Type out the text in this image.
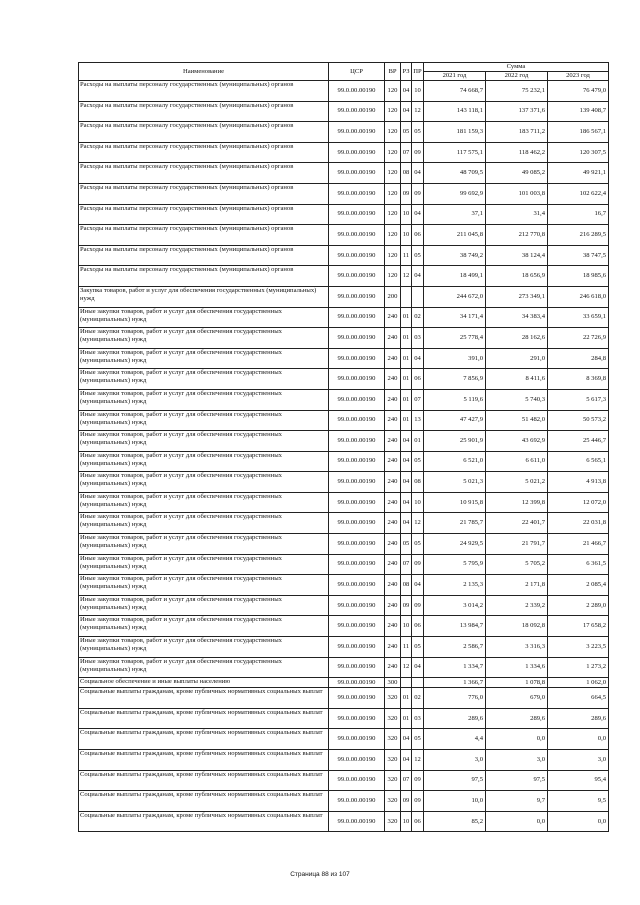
Наименование	ЦСР	ВР	РЗ	ПР	Сумма		
					2021 год	2022 год	2023 год
Расходы на выплаты персоналу государственных (муниципальных) органов	99.0.00.00190	120	04	10	74 668,7	75 232,1	76 479,0
Расходы на выплаты персоналу государственных (муниципальных) органов	99.0.00.00190	120	04	12	143 118,1	137 371,6	139 408,7
Расходы на выплаты персоналу государственных (муниципальных) органов	99.0.00.00190	120	05	05	181 159,3	183 711,2	186 567,1
Расходы на выплаты персоналу государственных (муниципальных) органов	99.0.00.00190	120	07	09	117 575,1	118 462,2	120 307,5
Расходы на выплаты персоналу государственных (муниципальных) органов	99.0.00.00190	120	08	04	48 709,5	49 085,2	49 921,1
Расходы на выплаты персоналу государственных (муниципальных) органов	99.0.00.00190	120	09	09	99 692,9	101 003,8	102 622,4
Расходы на выплаты персоналу государственных (муниципальных) органов	99.0.00.00190	120	10	04	37,1	31,4	16,7
Расходы на выплаты персоналу государственных (муниципальных) органов	99.0.00.00190	120	10	06	211 045,8	212 770,8	216 289,5
Расходы на выплаты персоналу государственных (муниципальных) органов	99.0.00.00190	120	11	05	38 749,2	38 124,4	38 747,5
Расходы на выплаты персоналу государственных (муниципальных) органов	99.0.00.00190	120	12	04	18 499,1	18 656,9	18 985,6
Закупка товаров, работ и услуг для обеспечения государственных (муниципальных) нужд	99.0.00.00190	200			244 672,0	273 349,1	246 618,0
Иные закупки товаров, работ и услуг для обеспечения государственных (муниципальных) нужд	99.0.00.00190	240	01	02	34 171,4	34 383,4	33 659,1
Иные закупки товаров, работ и услуг для обеспечения государственных (муниципальных) нужд	99.0.00.00190	240	01	03	25 778,4	28 162,6	22 726,9
Иные закупки товаров, работ и услуг для обеспечения государственных (муниципальных) нужд	99.0.00.00190	240	01	04	391,0	291,0	284,8
Иные закупки товаров, работ и услуг для обеспечения государственных (муниципальных) нужд	99.0.00.00190	240	01	06	7 856,9	8 411,6	8 369,8
Иные закупки товаров, работ и услуг для обеспечения государственных (муниципальных) нужд	99.0.00.00190	240	01	07	5 119,6	5 740,3	5 617,3
Иные закупки товаров, работ и услуг для обеспечения государственных (муниципальных) нужд	99.0.00.00190	240	01	13	47 427,9	51 482,0	50 573,2
Иные закупки товаров, работ и услуг для обеспечения государственных (муниципальных) нужд	99.0.00.00190	240	04	01	25 901,9	43 692,9	25 446,7
Иные закупки товаров, работ и услуг для обеспечения государственных (муниципальных) нужд	99.0.00.00190	240	04	05	6 521,0	6 611,0	6 565,1
Иные закупки товаров, работ и услуг для обеспечения государственных (муниципальных) нужд	99.0.00.00190	240	04	08	5 021,3	5 021,2	4 913,8
Иные закупки товаров, работ и услуг для обеспечения государственных (муниципальных) нужд	99.0.00.00190	240	04	10	10 915,8	12 399,8	12 072,0
Иные закупки товаров, работ и услуг для обеспечения государственных (муниципальных) нужд	99.0.00.00190	240	04	12	21 785,7	22 401,7	22 031,8
Иные закупки товаров, работ и услуг для обеспечения государственных (муниципальных) нужд	99.0.00.00190	240	05	05	24 929,5	21 791,7	21 466,7
Иные закупки товаров, работ и услуг для обеспечения государственных (муниципальных) нужд	99.0.00.00190	240	07	09	5 795,9	5 705,2	6 361,5
Иные закупки товаров, работ и услуг для обеспечения государственных (муниципальных) нужд	99.0.00.00190	240	08	04	2 135,3	2 171,8	2 085,4
Иные закупки товаров, работ и услуг для обеспечения государственных (муниципальных) нужд	99.0.00.00190	240	09	09	3 014,2	2 339,2	2 289,0
Иные закупки товаров, работ и услуг для обеспечения государственных (муниципальных) нужд	99.0.00.00190	240	10	06	13 984,7	18 092,8	17 658,2
Иные закупки товаров, работ и услуг для обеспечения государственных (муниципальных) нужд	99.0.00.00190	240	11	05	2 586,7	3 316,3	3 223,5
Иные закупки товаров, работ и услуг для обеспечения государственных (муниципальных) нужд	99.0.00.00190	240	12	04	1 334,7	1 334,6	1 273,2
Социальное обеспечение и иные выплаты населению	99.0.00.00190	300			1 366,7	1 078,8	1 062,0
Социальные выплаты гражданам, кроме публичных нормативных социальных выплат	99.0.00.00190	320	01	02	776,0	679,0	664,5
Социальные выплаты гражданам, кроме публичных нормативных социальных выплат	99.0.00.00190	320	01	03	289,6	289,6	289,6
Социальные выплаты гражданам, кроме публичных нормативных социальных выплат	99.0.00.00190	320	04	05	4,4	0,0	0,0
Социальные выплаты гражданам, кроме публичных нормативных социальных выплат	99.0.00.00190	320	04	12	3,0	3,0	3,0
Социальные выплаты гражданам, кроме публичных нормативных социальных выплат	99.0.00.00190	320	07	09	97,5	97,5	95,4
Социальные выплаты гражданам, кроме публичных нормативных социальных выплат	99.0.00.00190	320	09	09	10,0	9,7	9,5
Социальные выплаты гражданам, кроме публичных нормативных социальных выплат	99.0.00.00190	320	10	06	85,2	0,0	0,0
Страница 88 из 107
